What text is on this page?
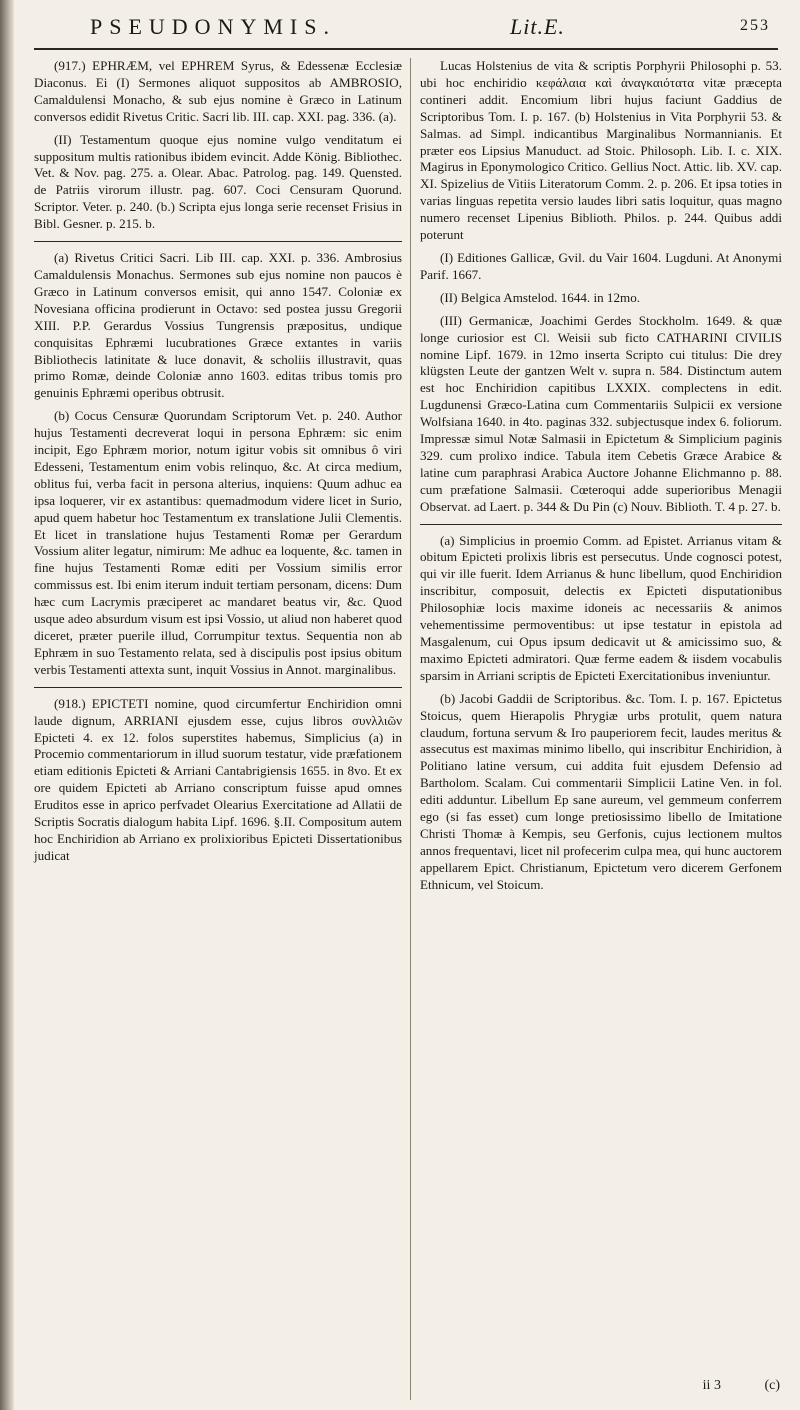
PSEUDONYMIS.	Lit.E.	253

(917.) EPHRÆM, vel EPHREM Syrus, & Edessenæ Ecclesiæ Diaconus. Ei (I) Sermones aliquot suppositos ab AMBROSIO, Camaldulensi Monacho, & sub ejus nomine è Græco in Latinum conversos edidit Rivetus Critic. Sacri lib. III. cap. XXI. pag. 336. (a).

(II) Testamentum quoque ejus nomine vulgo venditatum ei suppositum multis rationibus ibidem evincit. Adde König. Bibliothec. Vet. & Nov. pag. 275. a. Olear. Abac. Patrolog. pag. 149. Quensted. de Patriis virorum illustr. pag. 607. Coci Censuram Quorund. Scriptor. Veter. p. 240. (b.) Scripta ejus longa serie recenset Frisius in Bibl. Gesner. p. 215. b.

(a) Rivetus Critici Sacri. Lib III. cap. XXI. p. 336. Ambrosius Camaldulensis Monachus. Sermones sub ejus nomine non paucos è Græco in Latinum conversos emisit, qui anno 1547. Coloniæ ex Novesiana officina prodierunt in Octavo: sed postea jussu Gregorii XIII. P.P. Gerardus Vossius Tungrensis præpositus, undique conquisitas Ephræmi lucubrationes Græce extantes in variis Bibliothecis latinitate & luce donavit, & scholiis illustravit, quas primo Romæ, deinde Coloniæ anno 1603. editas tribus tomis pro genuinis Ephræmi operibus obtrusit.

(b) Cocus Censuræ Quorundam Scriptorum Vet. p. 240. Author hujus Testamenti decreverat loqui in persona Ephræm: sic enim incipit, Ego Ephræm morior, notum igitur vobis sit omnibus ô viri Edesseni, Testamentum enim vobis relinquo, &c. At circa medium, oblitus fui, verba facit in persona alterius, inquiens: Quum adhuc ea ipsa loquerer, vir ex astantibus: quemadmodum videre licet in Surio, apud quem habetur hoc Testamentum ex translatione Julii Clementis. Et licet in translatione hujus Testamenti Romæ per Gerardum Vossium aliter legatur, nimirum: Me adhuc ea loquente, &c. tamen in fine hujus Testamenti Romæ editi per Vossium similis error commissus est. Ibi enim iterum induit tertiam personam, dicens: Dum hæc cum Lacrymis præciperet ac mandaret beatus vir, &c. Quod usque adeo absurdum visum est ipsi Vossio, ut aliud non haberet quod diceret, præter puerile illud, Corrumpitur textus. Sequentia non ab Ephræm in suo Testamento relata, sed à discipulis post ipsius obitum verbis Testamenti attexta sunt, inquit Vossius in Annot. marginalibus.

(918.) EPICTETI nomine, quod circumfertur Enchiridion omni laude dignum, ARRIANI ejusdem esse, cujus libros συνλλιῶν Epicteti 4. ex 12. folos superstites habemus, Simplicius (a) in Procemio commentariorum in illud suorum testatur, vide præfationem etiam editionis Epicteti & Arriani Cantabrigiensis 1655. in 8vo. Et ex ore quidem Epicteti ab Arriano conscriptum fuisse apud omnes Eruditos esse in aprico perfvadet Olearius Exercitatione ad Allatii de Scriptis Socratis dialogum habita Lipf. 1696. §.II. Compositum autem hoc Enchiridion ab Arriano ex prolixioribus Epicteti Dissertationibus judicat

Lucas Holstenius de vita & scriptis Porphyrii Philosophi p. 53. ubi hoc enchiridio κεφάλαια καὶ ἀναγκαιότατα vitæ præcepta contineri addit. Encomium libri hujus faciunt Gaddius de Scriptoribus Tom. I. p. 167. (b) Holstenius in Vita Porphyrii 53. & Salmas. ad Simpl. indicantibus Marginalibus Normannianis. Et præter eos Lipsius Manuduct. ad Stoic. Philosoph. Lib. I. c. XIX. Magirus in Eponymologico Critico. Gellius Noct. Attic. lib. XV. cap. XI. Spizelius de Vitiis Literatorum Comm. 2. p. 206. Et ipsa toties in varias linguas repetita versio laudes libri satis loquitur, quas magno numero recenset Lipenius Biblioth. Philos. p. 244. Quibus addi poterunt

(I) Editiones Gallicæ, Gvil. du Vair 1604. Lugduni. At Anonymi Parif. 1667.

(II) Belgica Amstelod. 1644. in 12mo.

(III) Germanicæ, Joachimi Gerdes Stockholm. 1649. & quæ longe curiosior est Cl. Weisii sub ficto CATHARINI CIVILIS nomine Lipf. 1679. in 12mo inserta Scripto cui titulus: Die drey klügsten Leute der gantzen Welt v. supra n. 584. Distinctum autem est hoc Enchiridion capitibus LXXIX. complectens in edit. Lugdunensi Græco-Latina cum Commentariis Sulpicii ex versione Wolfsiana 1640. in 4to. paginas 332. subjectusque index 6. foliorum. Impressæ simul Notæ Salmasii in Epictetum & Simplicium paginis 329. cum prolixo indice. Tabula item Cebetis Græce Arabice & latine cum paraphrasi Arabica Auctore Johanne Elichmanno p. 88. cum præfatione Salmasii. Cœteroqui adde superioribus Menagii Observat. ad Laert. p. 344 & Du Pin (c) Nouv. Biblioth. T. 4 p. 27. b.

(a) Simplicius in proemio Comm. ad Epistet. Arrianus vitam & obitum Epicteti prolixis libris est persecutus. Unde cognosci potest, qui vir ille fuerit. Idem Arrianus & hunc libellum, quod Enchiridion inscribitur, composuit, delectis ex Epicteti disputationibus Philosophiæ locis maxime idoneis ac necessariis & animos vehementissime permoventibus: ut ipse testatur in epistola ad Masgalenum, cui Opus ipsum dedicavit ut & amicissimo suo, & maximo Epicteti admiratori. Quæ ferme eadem & iisdem vocabulis sparsim in Arriani scriptis de Epicteti Exercitationibus inveniuntur.

(b) Jacobi Gaddii de Scriptoribus. &c. Tom. I. p. 167. Epictetus Stoicus, quem Hierapolis Phrygiæ urbs protulit, quem natura claudum, fortuna servum & Iro pauperiorem fecit, laudes meritus & assecutus est maximas minimo libello, qui inscribitur Enchiridion, à Politiano latine versum, cui addita fuit ejusdem Defensio ad Bartholom. Scalam. Cui commentarii Simplicii Latine Ven. in fol. editi adduntur. Libellum Ep sane aureum, vel gemmeum conferrem ego (si fas esset) cum longe pretiosissimo libello de Imitatione Christi Thomæ à Kempis, seu Gerfonis, cujus lectionem multos annos frequentavi, licet nil profecerim culpa mea, qui hunc auctorem appellarem Epict. Christianum, Epictetum vero dicerem Gerfonem Ethnicum, vel Stoicum.

ii 3	(c)
